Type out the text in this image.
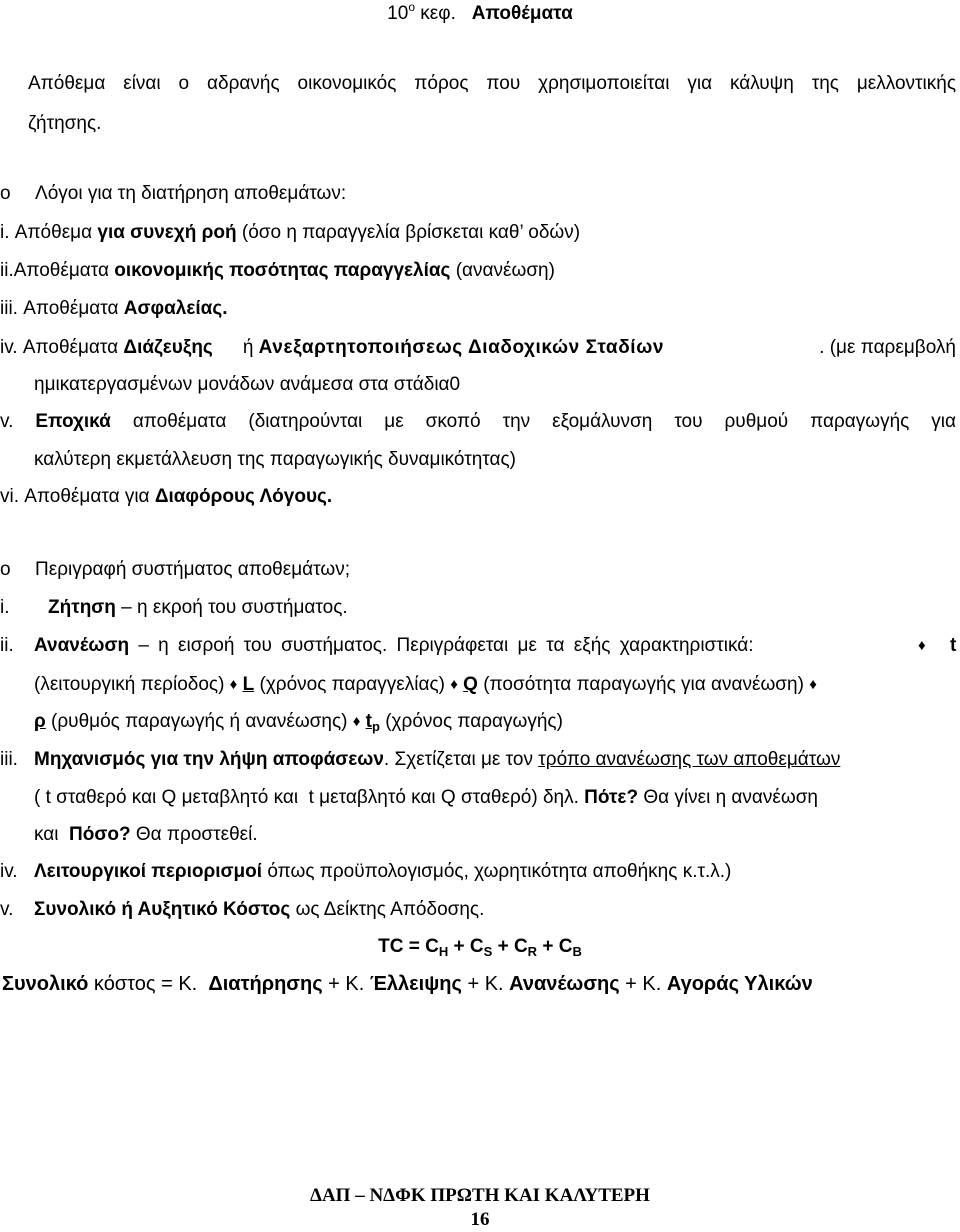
$10^o$ κεφ.   Αποθέματα
Απόθεμα είναι ο αδρανής οικονομικός πόρος που χρησιμοποιείται για κάλυψη της μελλοντικής
ζήτησης.
o Λόγοι για τη διατήρηση αποθεμάτων:
i. Απόθεμα για συνεχή ροή (όσο η παραγγελία βρίσκεται καθ’ οδών)
ii.Αποθέματα οικονομικής ποσότητας παραγγελίας (ανανέωση)
iii. Αποθέματα Ασφαλείας.
iv. Αποθέματα Διάζευξης ή Ανεξαρτητοποιήσεως Διαδοχικών Σταδίων	. (με παρεμβολή
ημικατεργασμένων μονάδων ανάμεσα στα στάδια0
v. Εποχικά αποθέματα (διατηρούνται με σκοπό την εξομάλυνση του ρυθμού παραγωγής για
καλύτερη εκμετάλλευση της παραγωγικής δυναμικότητας)
vi. Αποθέματα για Διαφόρους Λόγους.
o Περιγραφή συστήματος αποθεμάτων;
i. Ζήτηση – η εκροή του συστήματος.
ii. Ανανέωση – η εισροή του συστήματος. Περιγράφεται με τα εξής χαρακτηριστικά:	♦ t
(λειτουργική περίοδος) ♦ L (χρόνος παραγγελίας) ♦ Q (ποσότητα παραγωγής για ανανέωση) ♦
ρ (ρυθμός παραγωγής ή ανανέωσης) ♦ $t_p$ (χρόνος παραγωγής)
iii. Μηχανισμός για την λήψη αποφάσεων. Σχετίζεται με τον τρόπο ανανέωσης των αποθεμάτων
( t σταθερό και Q μεταβλητό και  t μεταβλητό και Q σταθερό) δηλ. Πότε? Θα γίνει η ανανέωση
και  Πόσο? Θα προστεθεί.
iv. Λειτουργικοί περιορισμοί όπως προϋπολογισμός, χωρητικότητα αποθήκης κ.τ.λ.)
v. Συνολικό ή Αυξητικό Κόστος ως Δείκτης Απόδοσης.
TC = $C_H + C_S + C_R + C_B$
Συνολικό κόστος = Κ.  Διατήρησης + Κ. Έλλειψης + Κ. Ανανέωσης + Κ. Αγοράς Υλικών
ΔΑΠ – ΝΔΦΚ ΠΡΩΤΗ ΚΑΙ ΚΑΛΥΤΕΡΗ
16
